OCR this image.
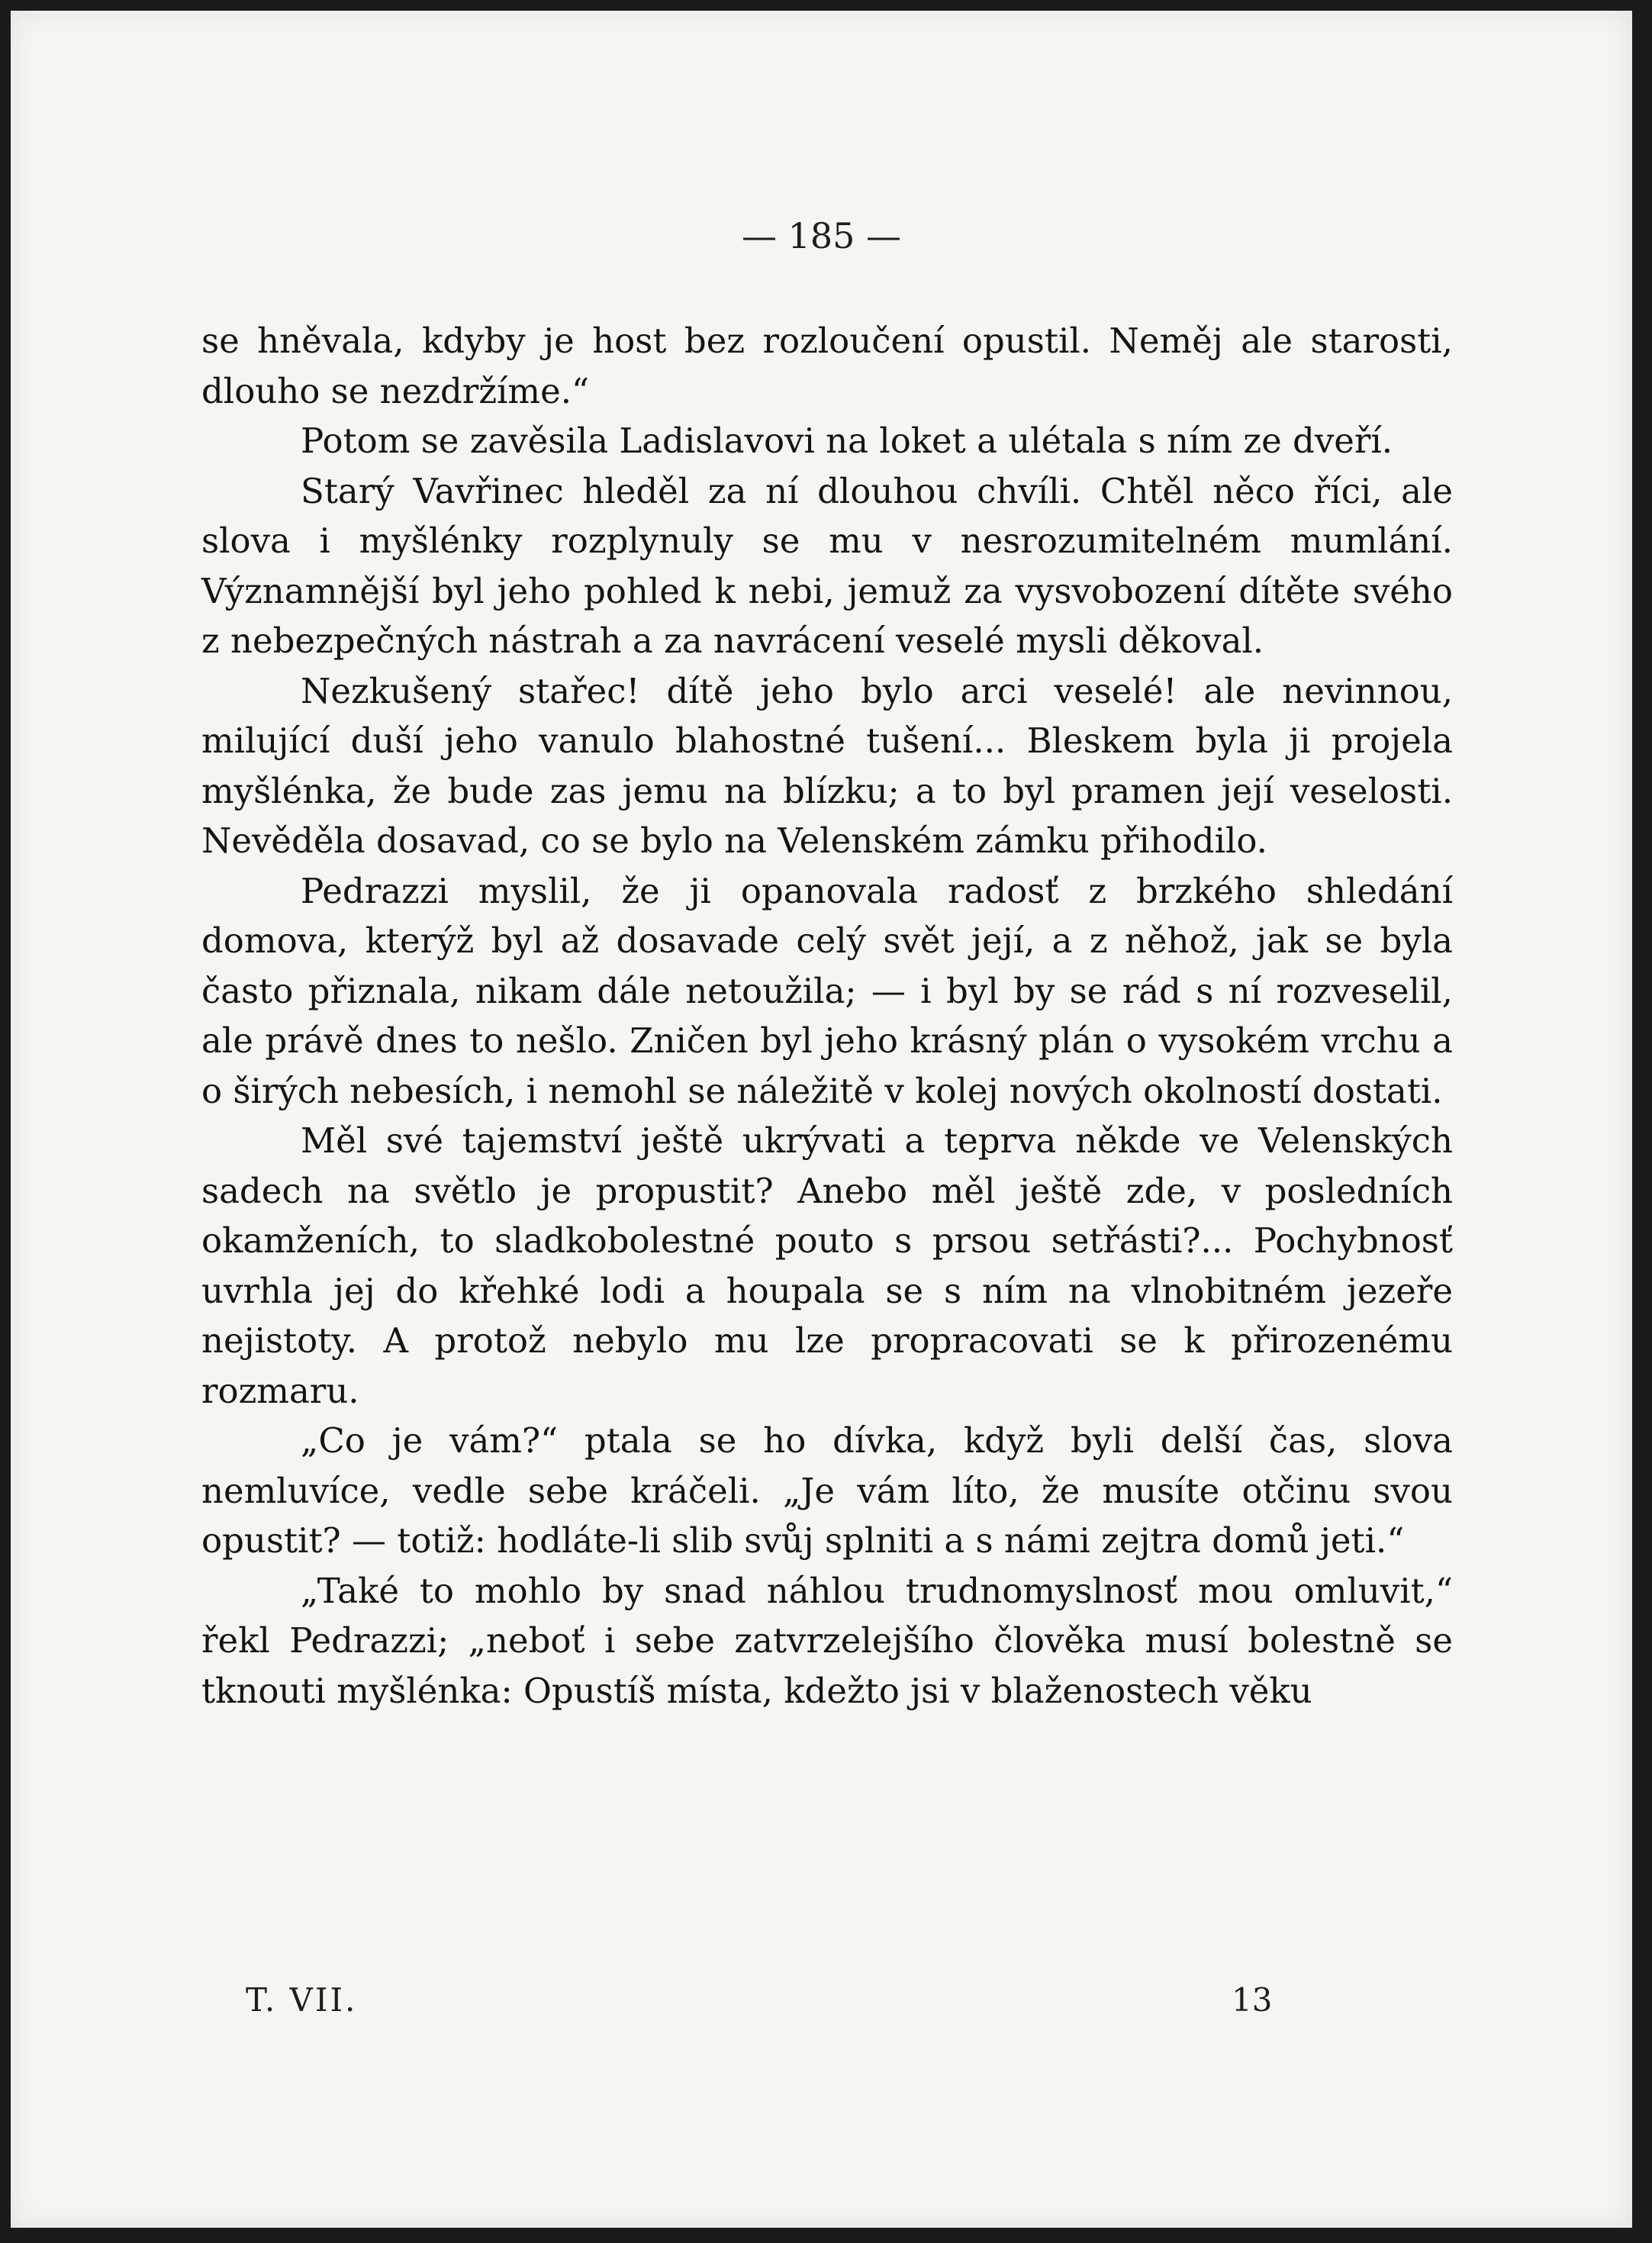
— 185 —

se hněvala, kdyby je host bez rozloučení opustil. Neměj ale starosti, dlouho se nezdržíme.“

Potom se zavěsila Ladislavovi na loket a ulétala s ním ze dveří.

Starý Vavřinec hleděl za ní dlouhou chvíli. Chtěl něco říci, ale slova i myšlénky rozplynuly se mu v nesrozumitelném mumlání. Významnější byl jeho pohled k nebi, jemuž za vysvobození dítěte svého z nebezpečných nástrah a za navrácení veselé mysli děkoval.

Nezkušený stařec! dítě jeho bylo arci veselé! ale nevinnou, milující duší jeho vanulo blahostné tušení... Bleskem byla ji projela myšlénka, že bude zas jemu na blízku; a to byl pramen její veselosti. Nevěděla dosavad, co se bylo na Velenském zámku přihodilo.

Pedrazzi myslil, že ji opanovala radosť z brzkého shledání domova, kterýž byl až dosavade celý svět její, a z něhož, jak se byla často přiznala, nikam dále netoužila; — i byl by se rád s ní rozveselil, ale právě dnes to nešlo. Zničen byl jeho krásný plán o vysokém vrchu a o širých nebesích, i nemohl se náležitě v kolej nových okolností dostati.

Měl své tajemství ještě ukrývati a teprva někde ve Velenských sadech na světlo je propustit? Anebo měl ještě zde, v posledních okamženích, to sladkobolestné pouto s prsou setřásti?... Pochybnosť uvrhla jej do křehké lodi a houpala se s ním na vlnobitném jezeře nejistoty. A protož nebylo mu lze propracovati se k přirozenému rozmaru.

„Co je vám?“ ptala se ho dívka, když byli delší čas, slova nemluvíce, vedle sebe kráčeli. „Je vám líto, že musíte otčinu svou opustit? — totiž: hodláte-li slib svůj splniti a s námi zejtra domů jeti.“

„Také to mohlo by snad náhlou trudnomyslnosť mou omluvit,“ řekl Pedrazzi; „neboť i sebe zatvrzelejšího člověka musí bolestně se tknouti myšlénka: Opustíš místa, kdežto jsi v blaženostech věku

T. VII.	13
